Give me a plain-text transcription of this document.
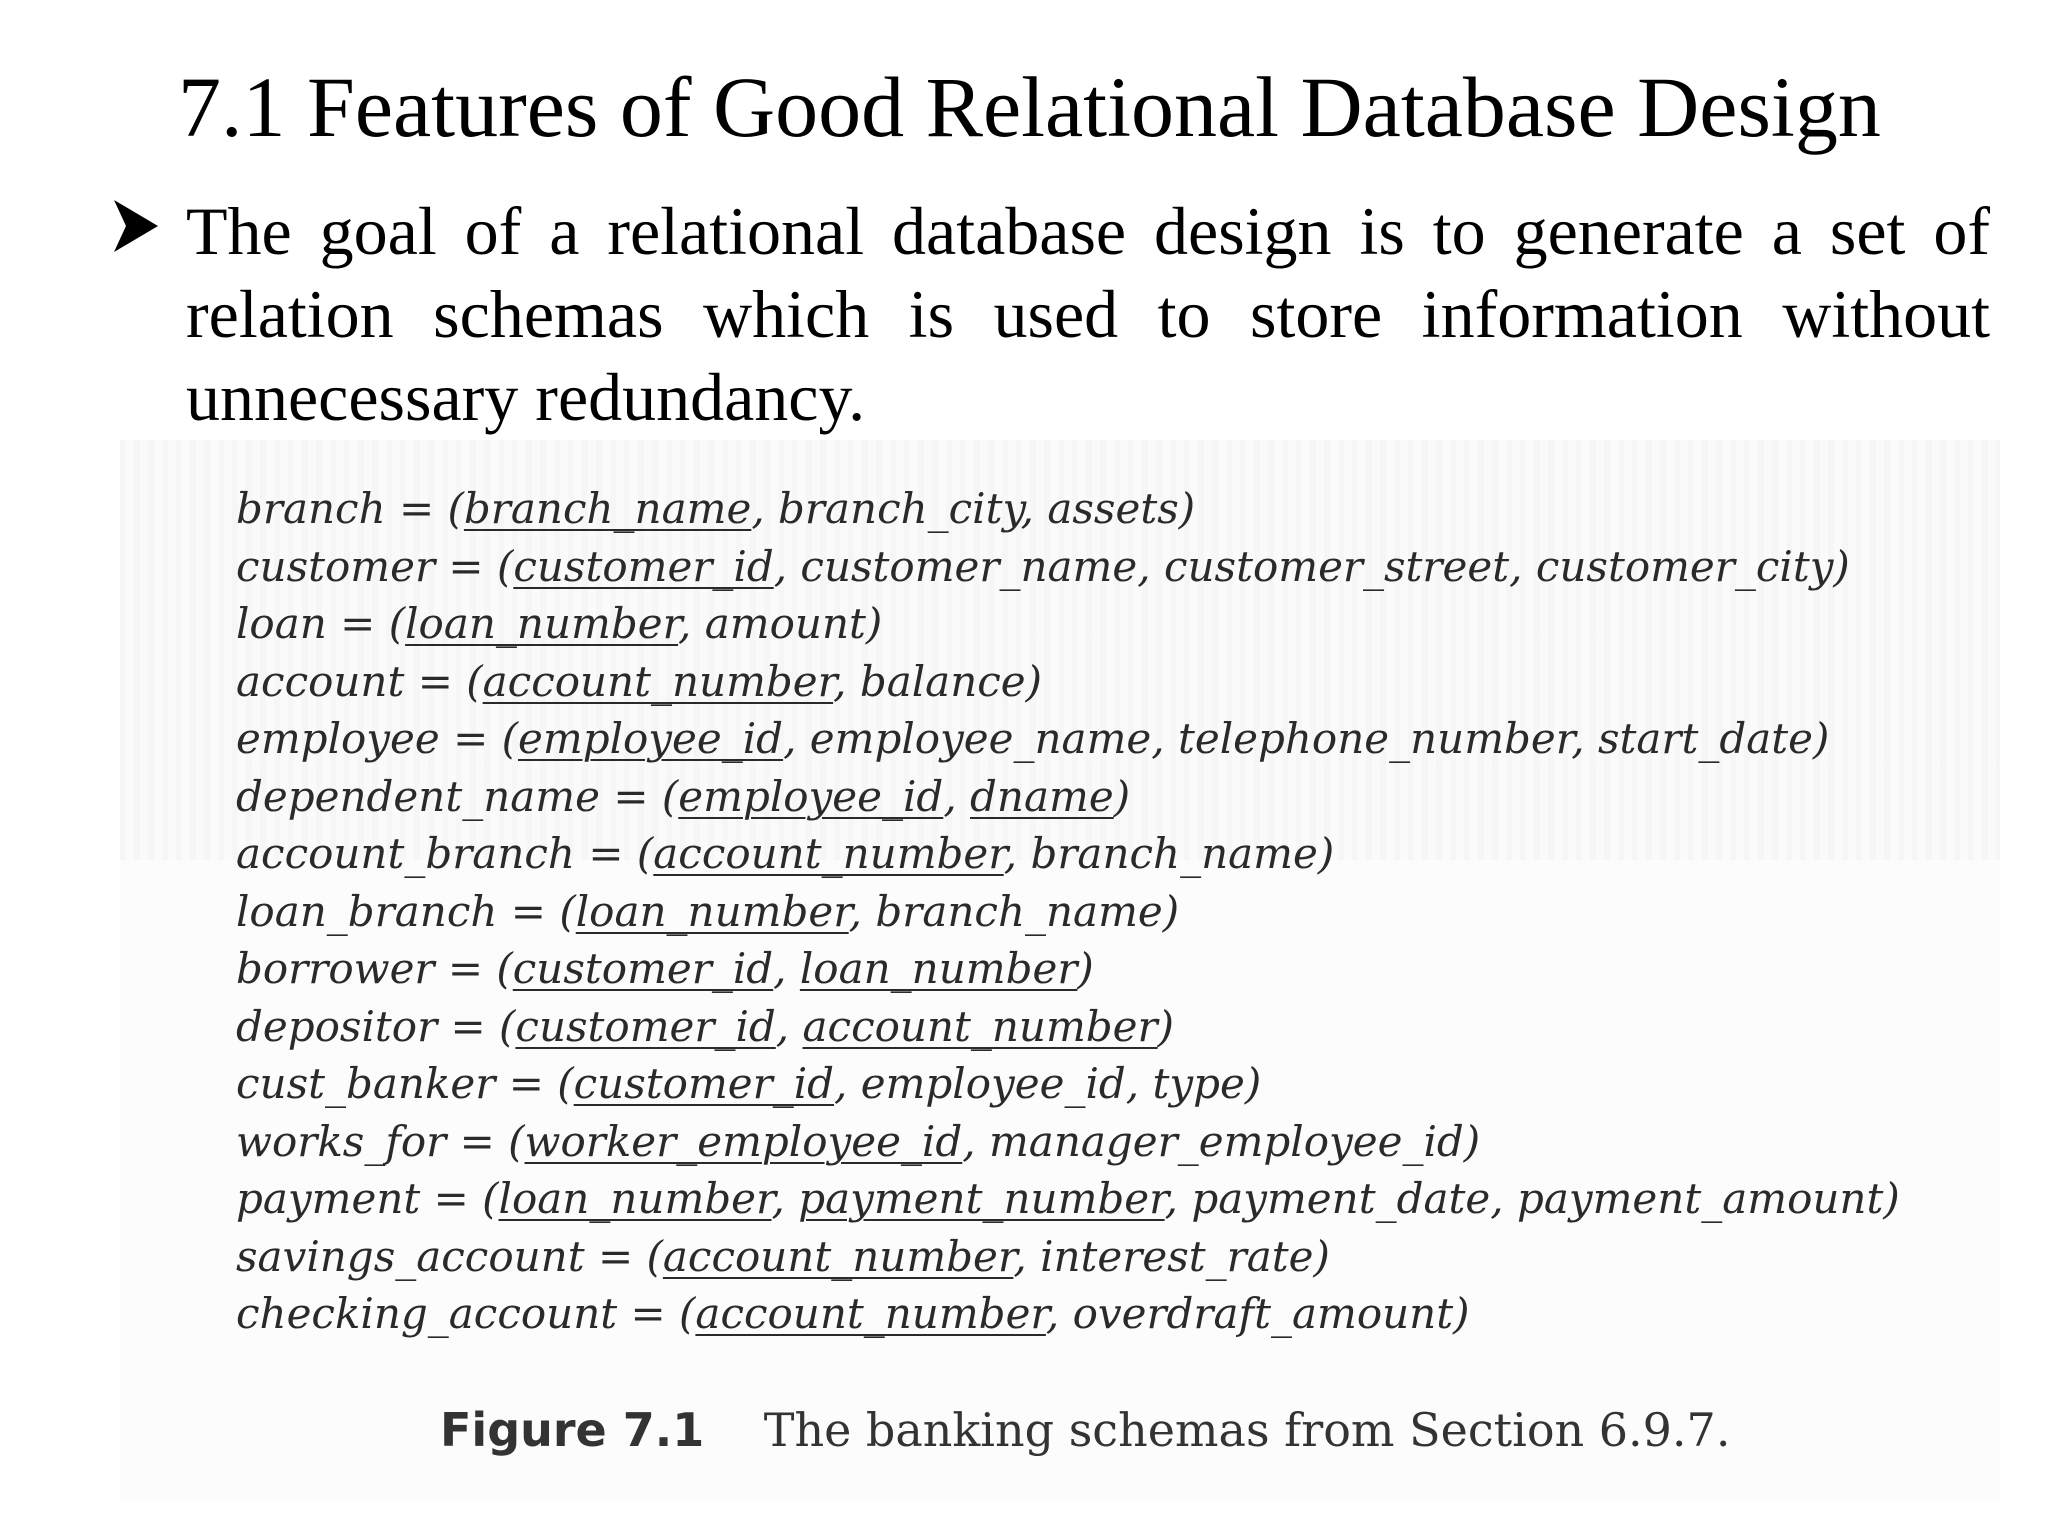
7.1 Features of Good Relational Database Design
The goal of a relational database design is to generate a set of relation schemas which is used to store information without unnecessary redundancy.
branch = (branch_name, branch_city, assets)
customer = (customer_id, customer_name, customer_street, customer_city)
loan = (loan_number, amount)
account = (account_number, balance)
employee = (employee_id, employee_name, telephone_number, start_date)
dependent_name = (employee_id, dname)
account_branch = (account_number, branch_name)
loan_branch = (loan_number, branch_name)
borrower = (customer_id, loan_number)
depositor = (customer_id, account_number)
cust_banker = (customer_id, employee_id, type)
works_for = (worker_employee_id, manager_employee_id)
payment = (loan_number, payment_number, payment_date, payment_amount)
savings_account = (account_number, interest_rate)
checking_account = (account_number, overdraft_amount)
Figure 7.1 The banking schemas from Section 6.9.7.
